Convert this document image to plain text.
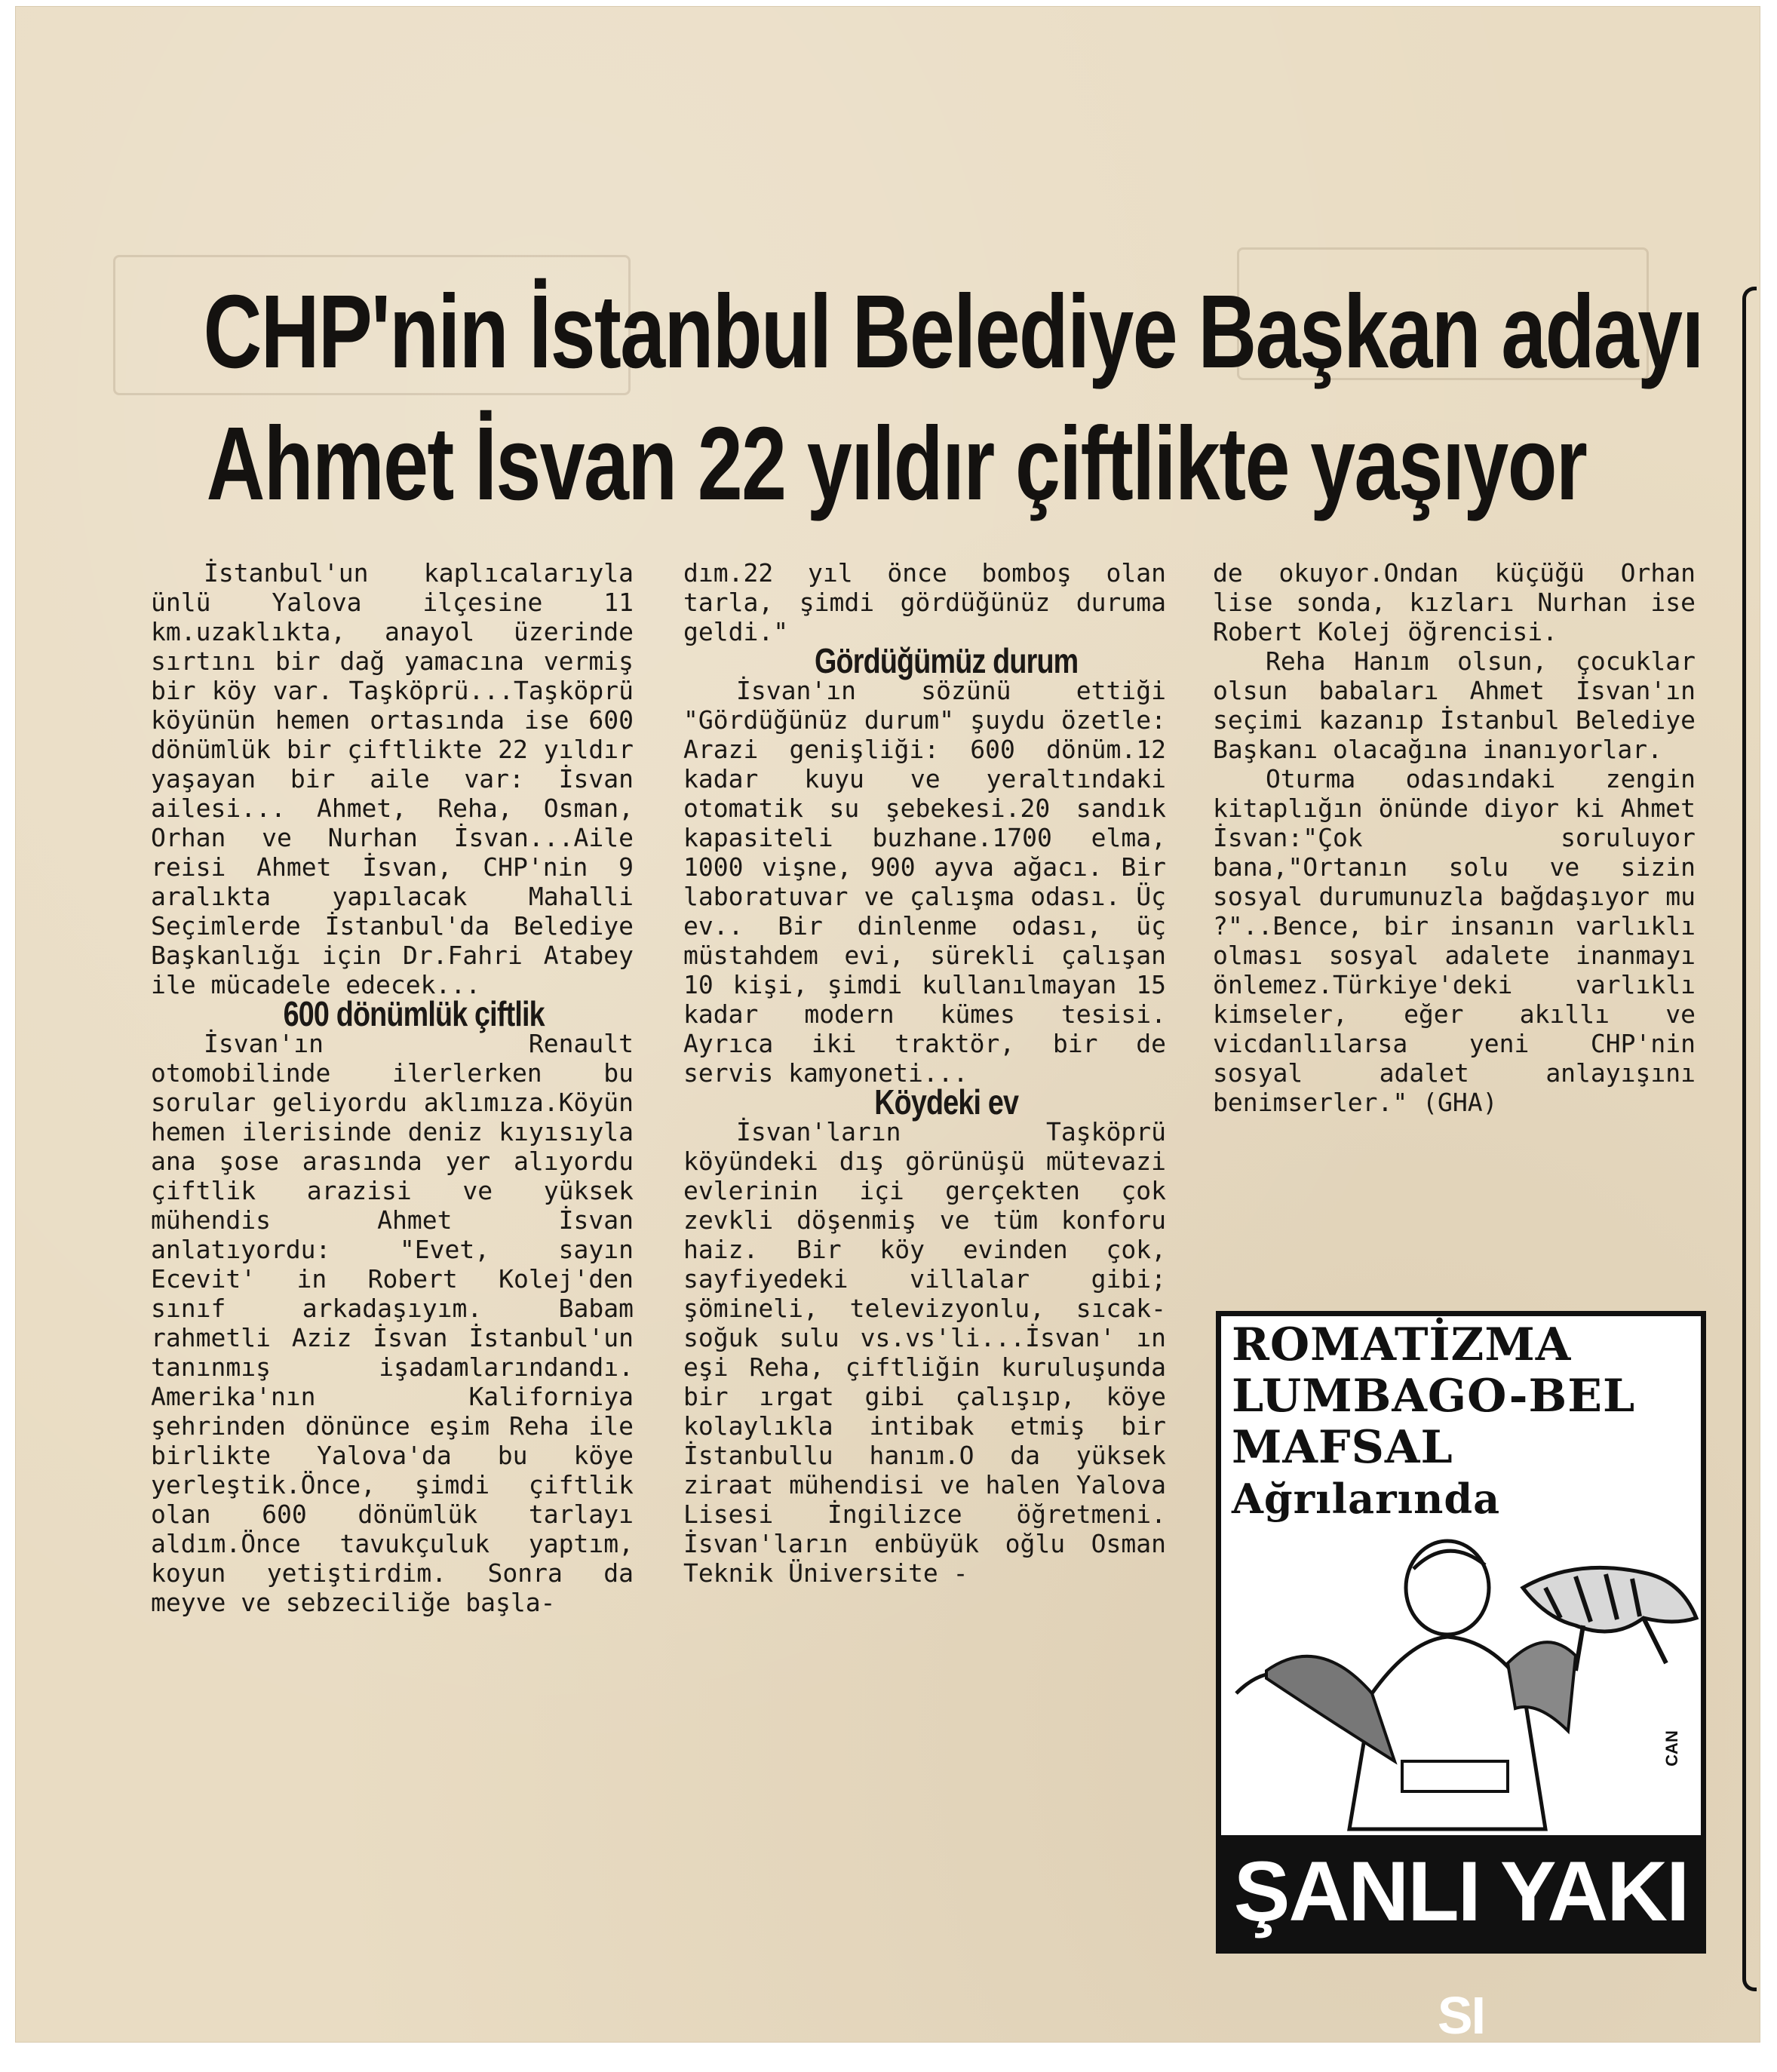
CHP'nin İstanbul Belediye Başkan adayı
Ahmet İsvan 22 yıldır çiftlikte yaşıyor

İstanbul'un kaplıcalarıyla ünlü Yalova ilçesine 11 km.uzaklıkta, anayol üzerinde sırtını bir dağ yamacına vermiş bir köy var. Taşköprü...Taşköprü köyünün hemen ortasında ise 600 dönümlük bir çiftlikte 22 yıldır yaşayan bir aile var: İsvan ailesi... Ahmet, Reha, Osman, Orhan ve Nurhan İsvan...Aile reisi Ahmet İsvan, CHP'nin 9 aralıkta yapılacak Mahalli Seçimlerde İstanbul'da Belediye Başkanlığı için Dr.Fahri Atabey ile mücadele edecek...

600 dönümlük çiftlik

İsvan'ın Renault otomobilinde ilerlerken bu sorular geliyordu aklımıza.Köyün hemen ilerisinde deniz kıyısıyla ana şose arasında yer alıyordu çiftlik arazisi ve yüksek mühendis Ahmet İsvan anlatıyordu: "Evet, sayın Ecevit' in Robert Kolej'den sınıf arkadaşıyım. Babam rahmetli Aziz İsvan İstanbul'un tanınmış işadamlarındandı. Amerika'nın Kaliforniya şehrinden dönünce eşim Reha ile birlikte Yalova'da bu köye yerleştik.Önce, şimdi çiftlik olan 600 dönümlük tarlayı aldım.Önce tavukçuluk yaptım, koyun yetiştirdim. Sonra da meyve ve sebzeciliğe başla-

dım.22 yıl önce bomboş olan tarla, şimdi gördüğünüz duruma geldi."

Gördüğümüz durum

İsvan'ın sözünü ettiği "Gördüğünüz durum" şuydu özetle: Arazi genişliği: 600 dönüm.12 kadar kuyu ve yeraltındaki otomatik su şebekesi.20 sandık kapasiteli buzhane.1700 elma, 1000 vişne, 900 ayva ağacı. Bir laboratuvar ve çalışma odası. Üç ev.. Bir dinlenme odası, üç müstahdem evi, sürekli çalışan 10 kişi, şimdi kullanılmayan 15 kadar modern kümes tesisi. Ayrıca iki traktör, bir de servis kamyoneti...

Köydeki ev

İsvan'ların Taşköprü köyündeki dış görünüşü mütevazi evlerinin içi gerçekten çok zevkli döşenmiş ve tüm konforu haiz. Bir köy evinden çok, sayfiyedeki villalar gibi; şömineli, televizyonlu, sıcak-soğuk sulu vs.vs'li...İsvan' ın eşi Reha, çiftliğin kuruluşunda bir ırgat gibi çalışıp, köye kolaylıkla intibak etmiş bir İstanbullu hanım.O da yüksek ziraat mühendisi ve halen Yalova Lisesi İngilizce öğretmeni. İsvan'ların enbüyük oğlu Osman Teknik Üniversite -

de okuyor.Ondan küçüğü Orhan lise sonda, kızları Nurhan ise Robert Kolej öğrencisi.

Reha Hanım olsun, çocuklar olsun babaları Ahmet İsvan'ın seçimi kazanıp İstanbul Belediye Başkanı olacağına inanıyorlar.

Oturma odasındaki zengin kitaplığın önünde diyor ki Ahmet İsvan:"Çok soruluyor bana,"Ortanın solu ve sizin sosyal durumunuzla bağdaşıyor mu ?"..Bence, bir insanın varlıklı olması sosyal adalete inanmayı önlemez.Türkiye'deki varlıklı kimseler, eğer akıllı ve vicdanlılarsa yeni CHP'nin sosyal adalet anlayışını benimserler." (GHA)

ROMATİZMA
LUMBAGO-BEL
MAFSAL
Ağrılarında
CAN
ŞANLI YAKI SI
